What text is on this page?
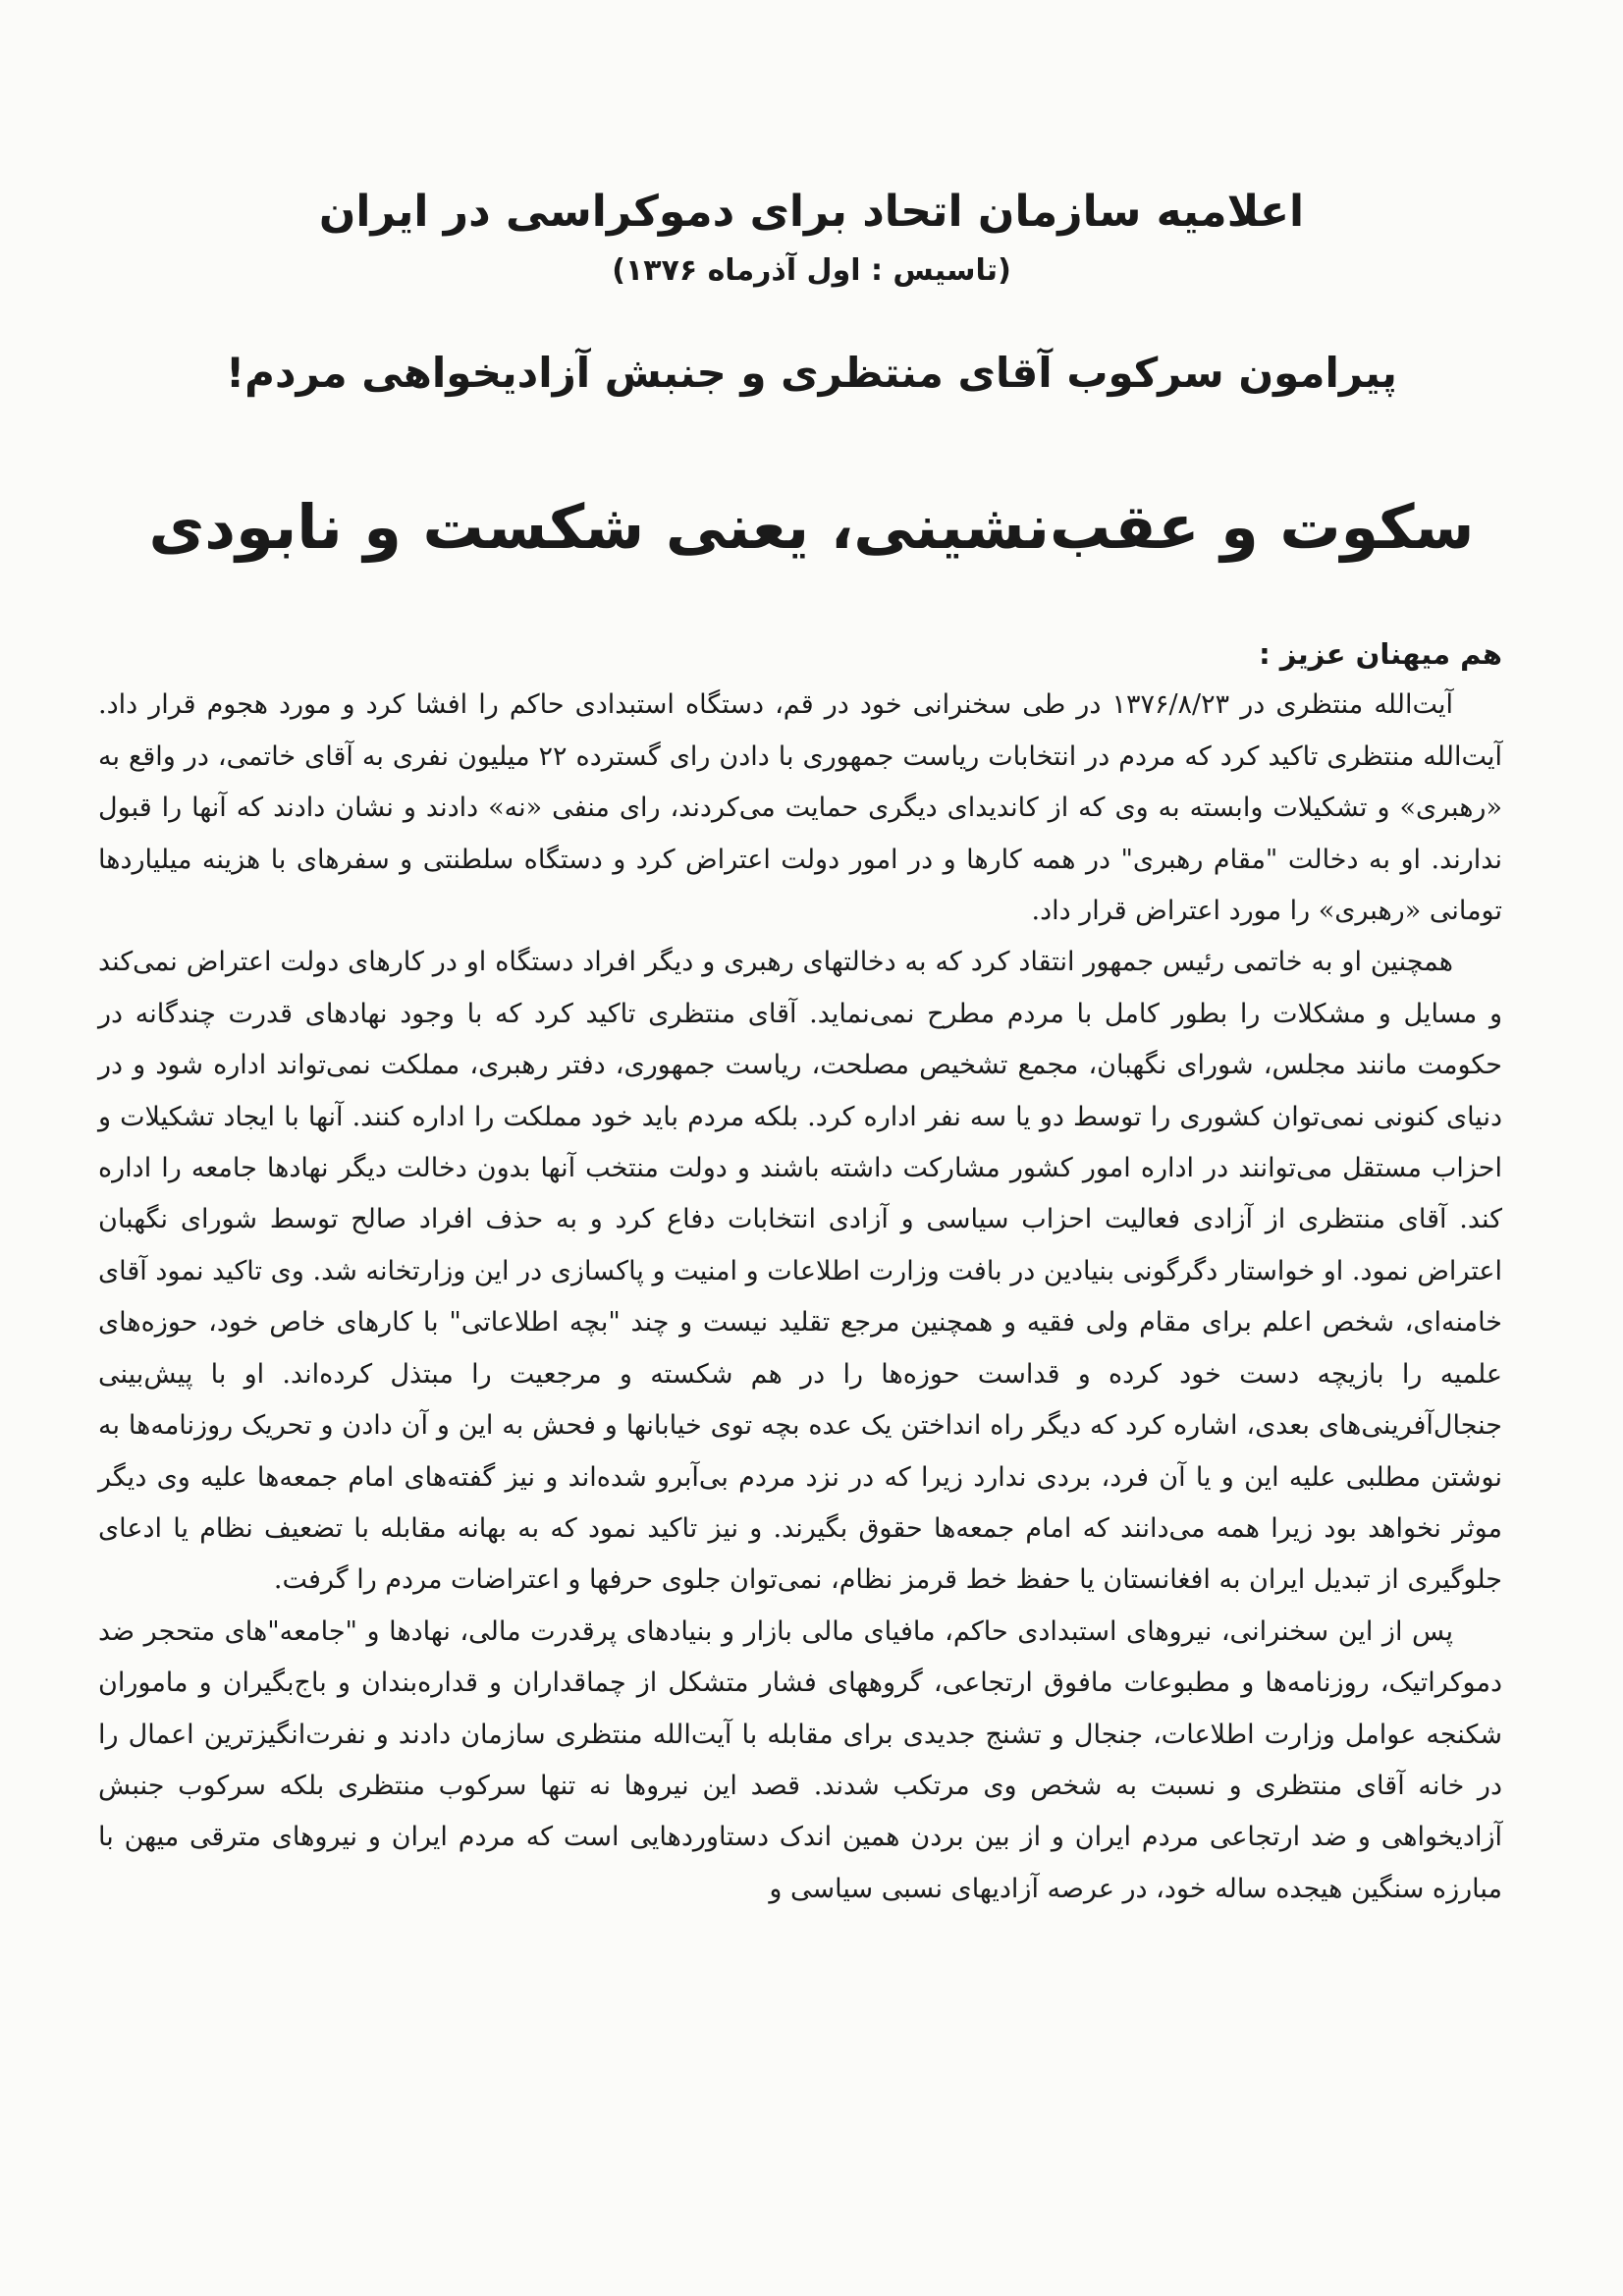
اعلامیه سازمان اتحاد برای دموکراسی در ایران
(تاسیس : اول آذرماه ۱۳۷۶)
پیرامون سرکوب آقای منتظری و جنبش آزادیخواهی مردم!
سکوت و عقب‌نشینی، یعنی شکست و نابودی

هم میهنان عزیز :

آیت‌الله منتظری در ۱۳۷۶/۸/۲۳ در طی سخنرانی خود در قم، دستگاه استبدادی حاکم را افشا کرد و مورد هجوم قرار داد. آیت‌الله منتظری تاکید کرد که مردم در انتخابات ریاست جمهوری با دادن رای گسترده ۲۲ میلیون نفری به آقای خاتمی، در واقع به «رهبری» و تشکیلات وابسته به وی که از کاندیدای دیگری حمایت می‌کردند، رای منفی «نه» دادند و نشان دادند که آنها را قبول ندارند. او به دخالت "مقام رهبری" در همه کارها و در امور دولت اعتراض کرد و دستگاه سلطنتی و سفرهای با هزینه میلیاردها تومانی «رهبری» را مورد اعتراض قرار داد.

همچنین او به خاتمی رئیس جمهور انتقاد کرد که به دخالتهای رهبری و دیگر افراد دستگاه او در کارهای دولت اعتراض نمی‌کند و مسایل و مشکلات را بطور کامل با مردم مطرح نمی‌نماید. آقای منتظری تاکید کرد که با وجود نهادهای قدرت چندگانه در حکومت مانند مجلس، شورای نگهبان، مجمع تشخیص مصلحت، ریاست جمهوری، دفتر رهبری، مملکت نمی‌تواند اداره شود و در دنیای کنونی نمی‌توان کشوری را توسط دو یا سه نفر اداره کرد. بلکه مردم باید خود مملکت را اداره کنند. آنها با ایجاد تشکیلات و احزاب مستقل می‌توانند در اداره امور کشور مشارکت داشته باشند و دولت منتخب آنها بدون دخالت دیگر نهادها جامعه را اداره کند. آقای منتظری از آزادی فعالیت احزاب سیاسی و آزادی انتخابات دفاع کرد و به حذف افراد صالح توسط شورای نگهبان اعتراض نمود. او خواستار دگرگونی بنیادین در بافت وزارت اطلاعات و امنیت و پاکسازی در این وزارتخانه شد. وی تاکید نمود آقای خامنه‌ای، شخص اعلم برای مقام ولی فقیه و همچنین مرجع تقلید نیست و چند "بچه اطلاعاتی" با کارهای خاص خود، حوزه‌های علمیه را بازیچه دست خود کرده و قداست حوزه‌ها را در هم شکسته و مرجعیت را مبتذل کرده‌اند. او با پیش‌بینی جنجال‌آفرینی‌های بعدی، اشاره کرد که دیگر راه انداختن یک عده بچه توی خیابانها و فحش به این و آن دادن و تحریک روزنامه‌ها به نوشتن مطلبی علیه این و یا آن فرد، بردی ندارد زیرا که در نزد مردم بی‌آبرو شده‌اند و نیز گفته‌های امام جمعه‌ها علیه وی دیگر موثر نخواهد بود زیرا همه می‌دانند که امام جمعه‌ها حقوق بگیرند. و نیز تاکید نمود که به بهانه مقابله با تضعیف نظام یا ادعای جلوگیری از تبدیل ایران به افغانستان یا حفظ خط قرمز نظام، نمی‌توان جلوی حرفها و اعتراضات مردم را گرفت.

پس از این سخنرانی، نیروهای استبدادی حاکم، مافیای مالی بازار و بنیادهای پرقدرت مالی، نهادها و "جامعه"های متحجر ضد دموکراتیک، روزنامه‌ها و مطبوعات مافوق ارتجاعی، گروههای فشار متشکل از چماقداران و قداره‌بندان و باج‌بگیران و ماموران شکنجه عوامل وزارت اطلاعات، جنجال و تشنج جدیدی برای مقابله با آیت‌الله منتظری سازمان دادند و نفرت‌انگیزترین اعمال را در خانه آقای منتظری و نسبت به شخص وی مرتکب شدند. قصد این نیروها نه تنها سرکوب منتظری بلکه سرکوب جنبش آزادیخواهی و ضد ارتجاعی مردم ایران و از بین بردن همین اندک دستاوردهایی است که مردم ایران و نیروهای مترقی میهن با مبارزه سنگین هیجده ساله خود، در عرصه آزادیهای نسبی سیاسی و
